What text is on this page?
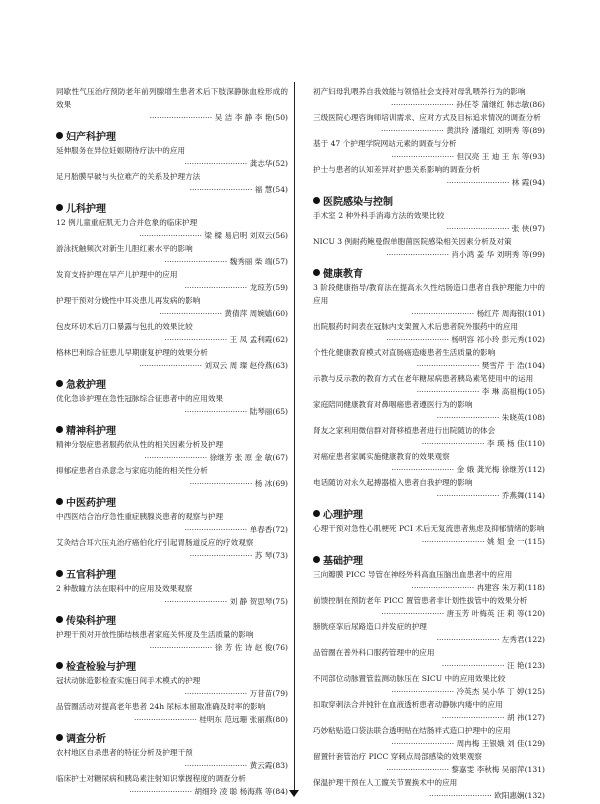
同歇性气压治疗预防老年前列腺增生患者术后下肢深静脉血栓形成的效果
·························· 吴 洁 李 静 李 艳(50)
妇产科护理
延伸服务在异位妊娠期待疗法中的应用
·························· 龚志华(52)
足月胎膜早破与头位难产的关系及护理方法
·························· 福 慧(54)
儿科护理
12 例儿童重症肌无力合并危象的临床护理
·························· 梁 樑 易启明 刘双云(56)
游泳抚触频次对新生儿胆红素水平的影响
·························· 魏秀丽 柴 端(57)
发育支持护理在早产儿护理中的应用
·························· 龙琼芳(59)
护理干预对分娩性中耳炎患儿再发病的影响
·························· 黄倩萍 周婉嫱(60)
包皮环切术后刀口暴露与包扎的效果比较
·························· 王 凤 孟利霞(62)
格林巴利综合征患儿早期康复护理的效果分析
·························· 刘双云 周 璨 赵伶燕(63)
急救护理
优化急诊护理在急性冠脉综合征患者中的应用效果
·························· 陆琴丽(65)
精神科护理
精神分裂症患者服药依从性的相关因素分析及护理
·························· 徐继芳 张 原 金 敏(67)
抑郁症患者自杀意念与家庭功能的相关性分析
·························· 杨 冰(69)
中医药护理
中西医结合治疗急性重症胰腺炎患者的观察与护理
·························· 单春香(72)
艾灸结合耳穴压丸治疗癌伯化疗引起胃肠道反应的疗效观察
·························· 苏 琴(73)
五官科护理
2 种散瞳方法在眼科中的应用及效果观察
·························· 刘 静 贺思琴(75)
传染科护理
护理干预对开放性肺结核患者家庭关怀度及生活质量的影响
·························· 徐 芳 佐 诗 赵 俊(76)
检查检验与护理
冠状动脉造影检查实施日间手术模式的护理
·························· 万昔苗(79)
品管圈活动对提高老年患者 24h 尿标本留取准确及时率的影响
·························· 桂明东 范远珊 张丽燕(80)
调查分析
农村地区自杀患者的特征分析及护理干预
·························· 黄云霞(83)
临床护士对糖尿病和胰岛素注射知识掌握程度的调查分析
·························· 胡细玲 凌 聪 杨海燕 等(84)
初产妇母乳喂养自我效能与领悟社会支持对母乳喂养行为的影响
·························· 孙任苓 蒲继红 韩志敏(86)
三级医院心理咨询师培训需求、应对方式及目标追求情况的调查分析
·························· 黄洪玲 潘瑞红 刘明秀 等(89)
基于 47 个护理学院网站元素的调查与分析
·························· 但汉亮 王 迪 王 东 等(93)
护士与患者的认知差异对护患关系影响的调查分析
·························· 林 霞(94)
医院感染与控制
手术室 2 种外科手消毒方法的效果比较
·························· 张 侠(97)
NICU 3 例耐药鲍曼假单胞菌医院感染相关因素分析及对策
·························· 肖小鸿 姜 华 刘明秀 等(99)
健康教育
3 阶段健康指导/教育法在提高永久性结肠造口患者自我护理能力中的应用
·························· 杨红芹 周海银(101)
出院服药时间表在冠脉内支架置入术后患者院外服药中的应用
·························· 杨明容 祁小玲 彭元秀(102)
个性化健康教育模式对直肠癌造瘘患者生活质量的影响
·························· 樊雪芹 于 浩(104)
示教与反示教的教育方式在老年糖尿病患者胰岛素笔使用中的运用
·························· 李 琳 高祖梅(105)
家庭陪同健康教育对鼻咽癌患者遵医行为的影响
·························· 朱晓英(108)
肾友之家利用微信群对肾移植患者进行出院随访的体会
·························· 李 瑛 杨 佳(110)
对癌症患者家属实施健康教育的效果观察
·························· 金 娥 龚光梅 徐继芳(112)
电话随访对永久起搏器植入患者自我护理的影响
·························· 乔燕舞(114)
心理护理
心理干预对急性心肌梗死 PCI 术后无复流患者焦虑及抑郁情绪的影响
·························· 姚 姐 金 一(115)
基础护理
三向瓣膜 PICC 导管在神经外科高血压脑出血患者中的应用
·························· 冉建容 朱万莉(118)
前馈控制在预防老年 PICC 置管患者非计划性拔管中的效果分析
·························· 唐玉芳 叶梅英 汪 莉 等(120)
膀胱痉挛后尿路造口并发症的护理
·························· 左秀君(122)
品管圈在普外科口服药管理中的应用
·························· 汪 艳(123)
不同部位动脉置管监测动脉压在 SICU 中的应用效果比较
·························· 冷英杰 吴小华 丁 婷(125)
扣取穿刺法合并钝针在血液透析患者动静脉内瘘中的应用
·························· 胡 祎(127)
巧妙粘贴造口袋法联合透明贴在结肠袢式造口护理中的应用
·························· 周冉梅 王银娥 刘 佳(129)
留置针套管治疗 PICC 穿刺点局部感染的效果观察
·························· 黎嘉雯 李秋梅 吴丽萍(131)
保温护理干预在人工髋关节置换术中的应用
·························· 欧阳惠娴(132)
